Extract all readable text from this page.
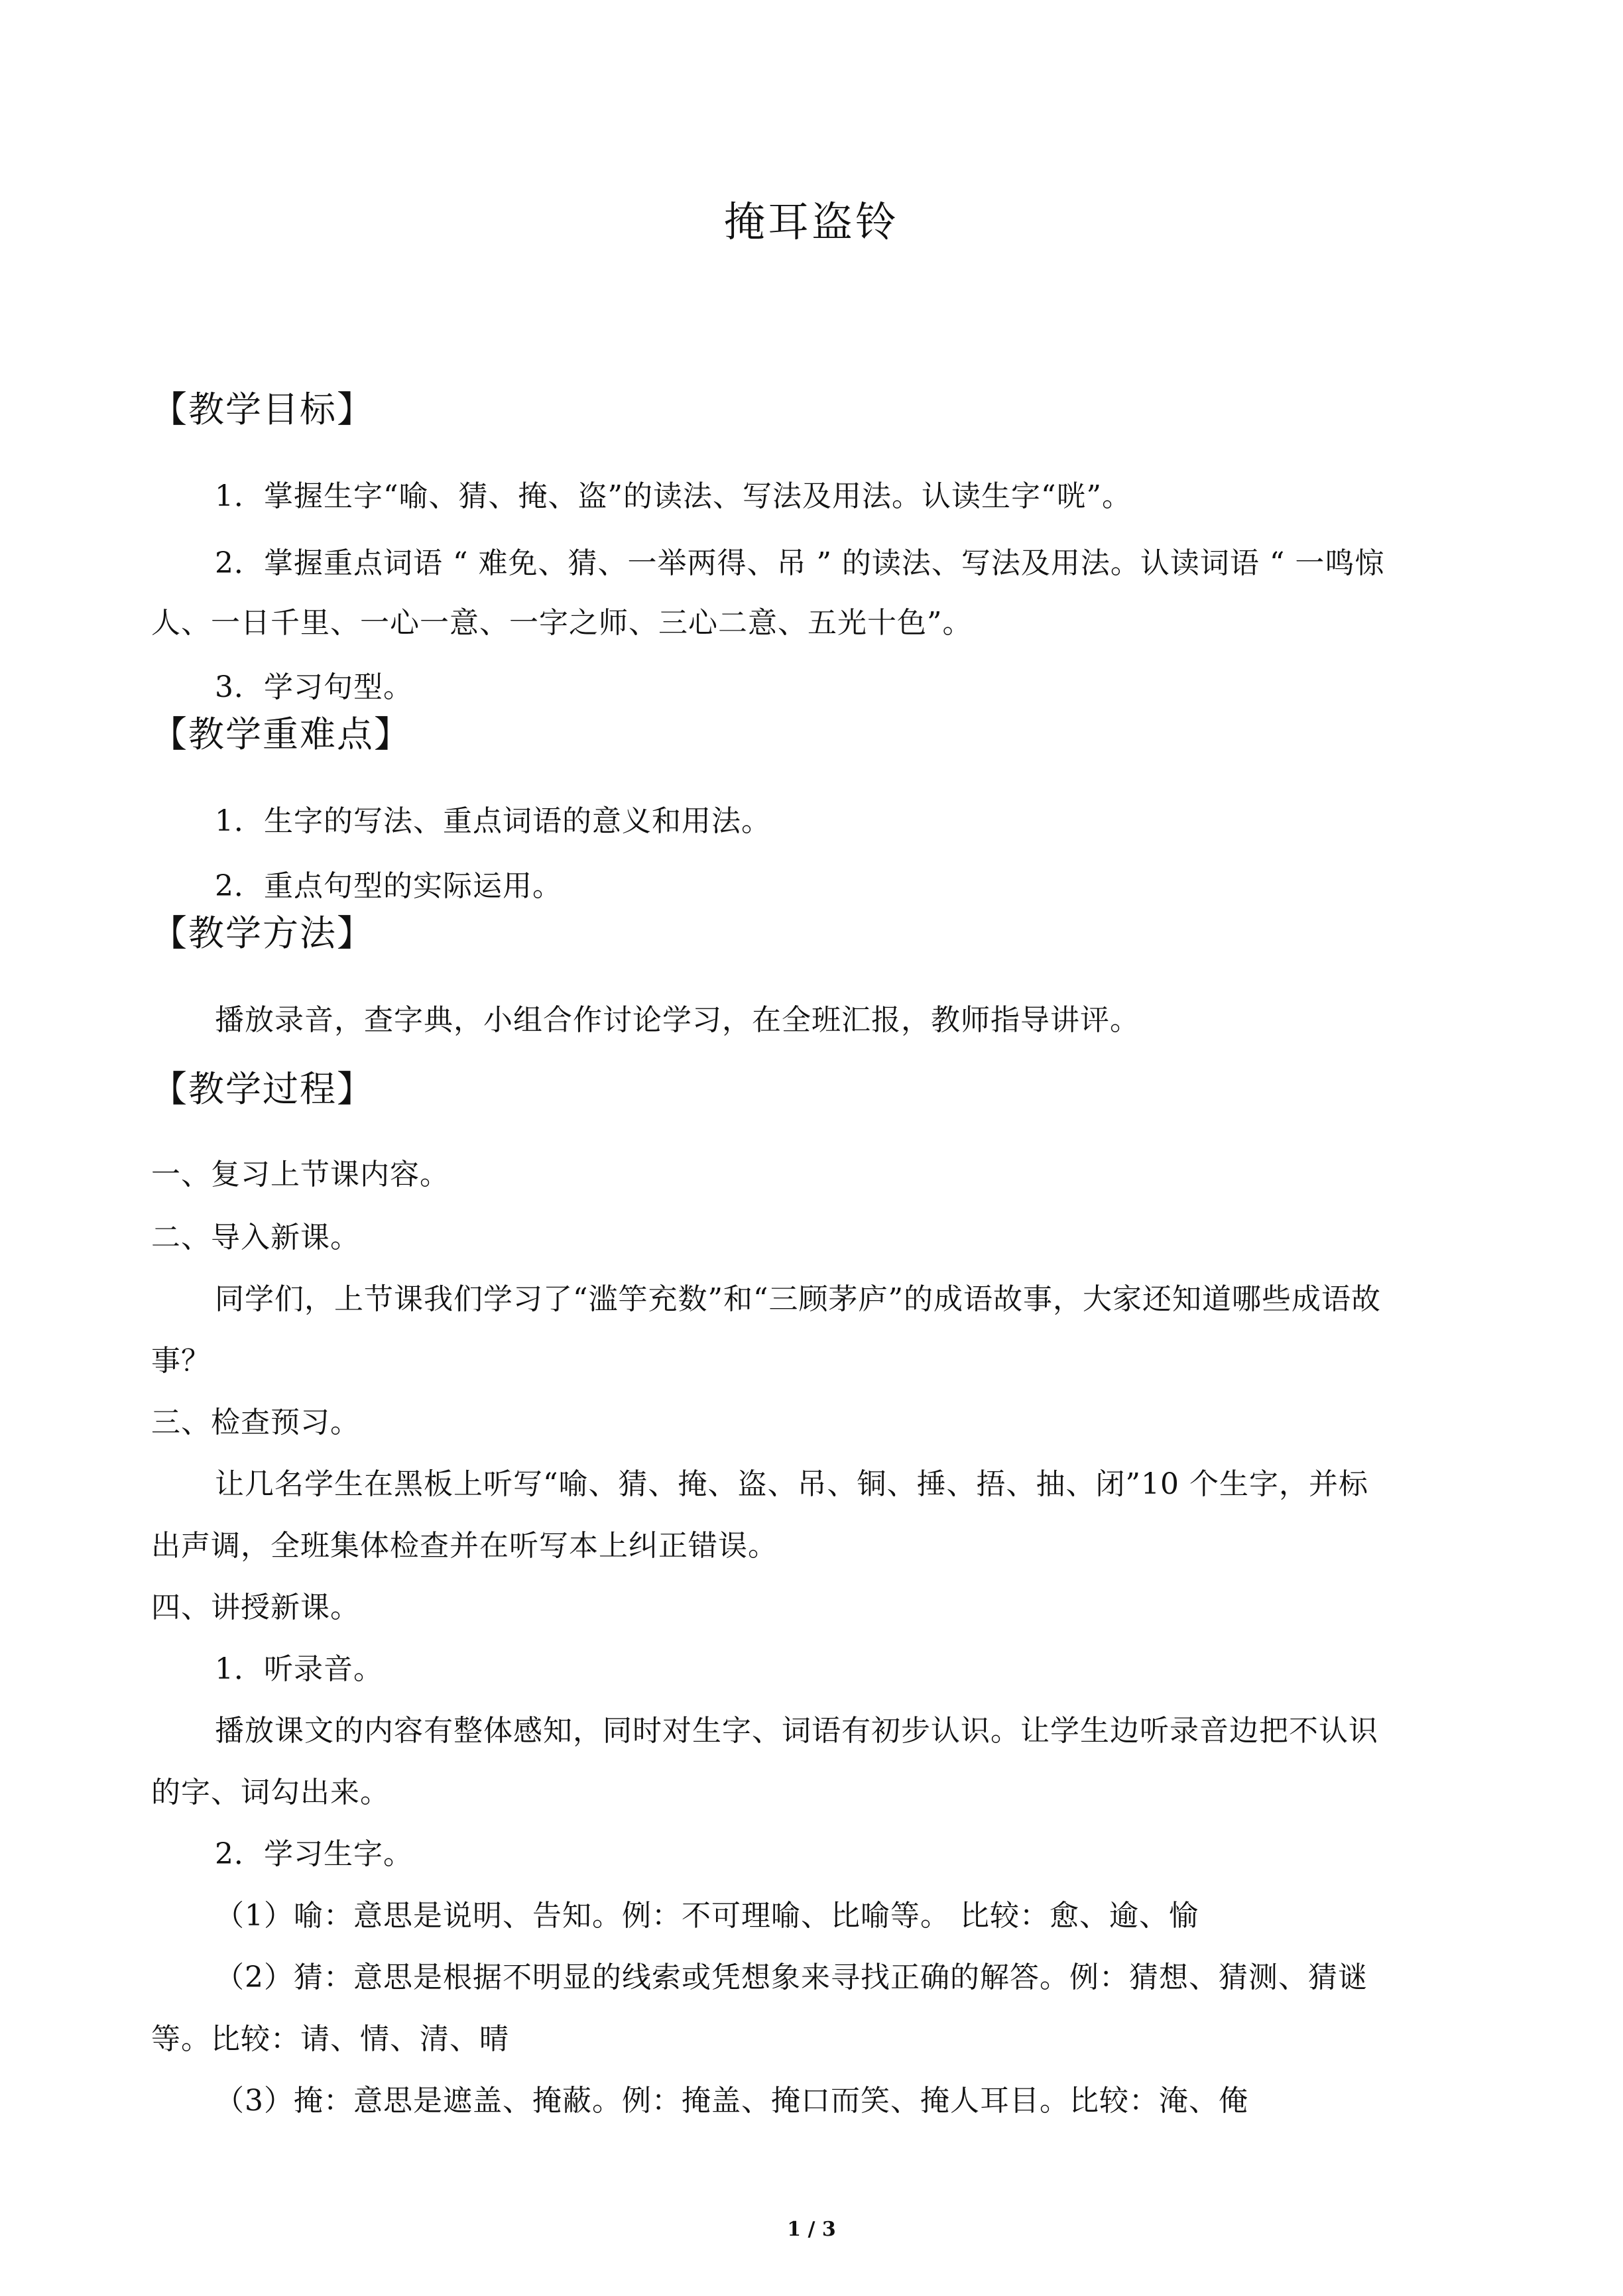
掩耳盗铃
【教学目标】
1．掌握生字“喻、猜、掩、盗”的读法、写法及用法。认读生字“咣”。
2．掌握重点词语 “ 难免、猜、一举两得、吊 ” 的读法、写法及用法。认读词语 “ 一鸣惊
人、一日千里、一心一意、一字之师、三心二意、五光十色”。
3．学习句型。
【教学重难点】
1．生字的写法、重点词语的意义和用法。
2．重点句型的实际运用。
【教学方法】
播放录音，查字典，小组合作讨论学习，在全班汇报，教师指导讲评。
【教学过程】
一、复习上节课内容。
二、导入新课。
同学们，上节课我们学习了“滥竽充数”和“三顾茅庐”的成语故事，大家还知道哪些成语故
事？
三、检查预习。
让几名学生在黑板上听写“喻、猜、掩、盗、吊、铜、捶、捂、抽、闭”10 个生字，并标
出声调，全班集体检查并在听写本上纠正错误。
四、讲授新课。
1．听录音。
播放课文的内容有整体感知，同时对生字、词语有初步认识。让学生边听录音边把不认识
的字、词勾出来。
2．学习生字。
（1）喻：意思是说明、告知。例：不可理喻、比喻等。 比较：愈、逾、愉
（2）猜：意思是根据不明显的线索或凭想象来寻找正确的解答。例：猜想、猜测、猜谜
等。比较：请、情、清、晴
（3）掩：意思是遮盖、掩蔽。例：掩盖、掩口而笑、掩人耳目。比较：淹、俺
1 / 3
